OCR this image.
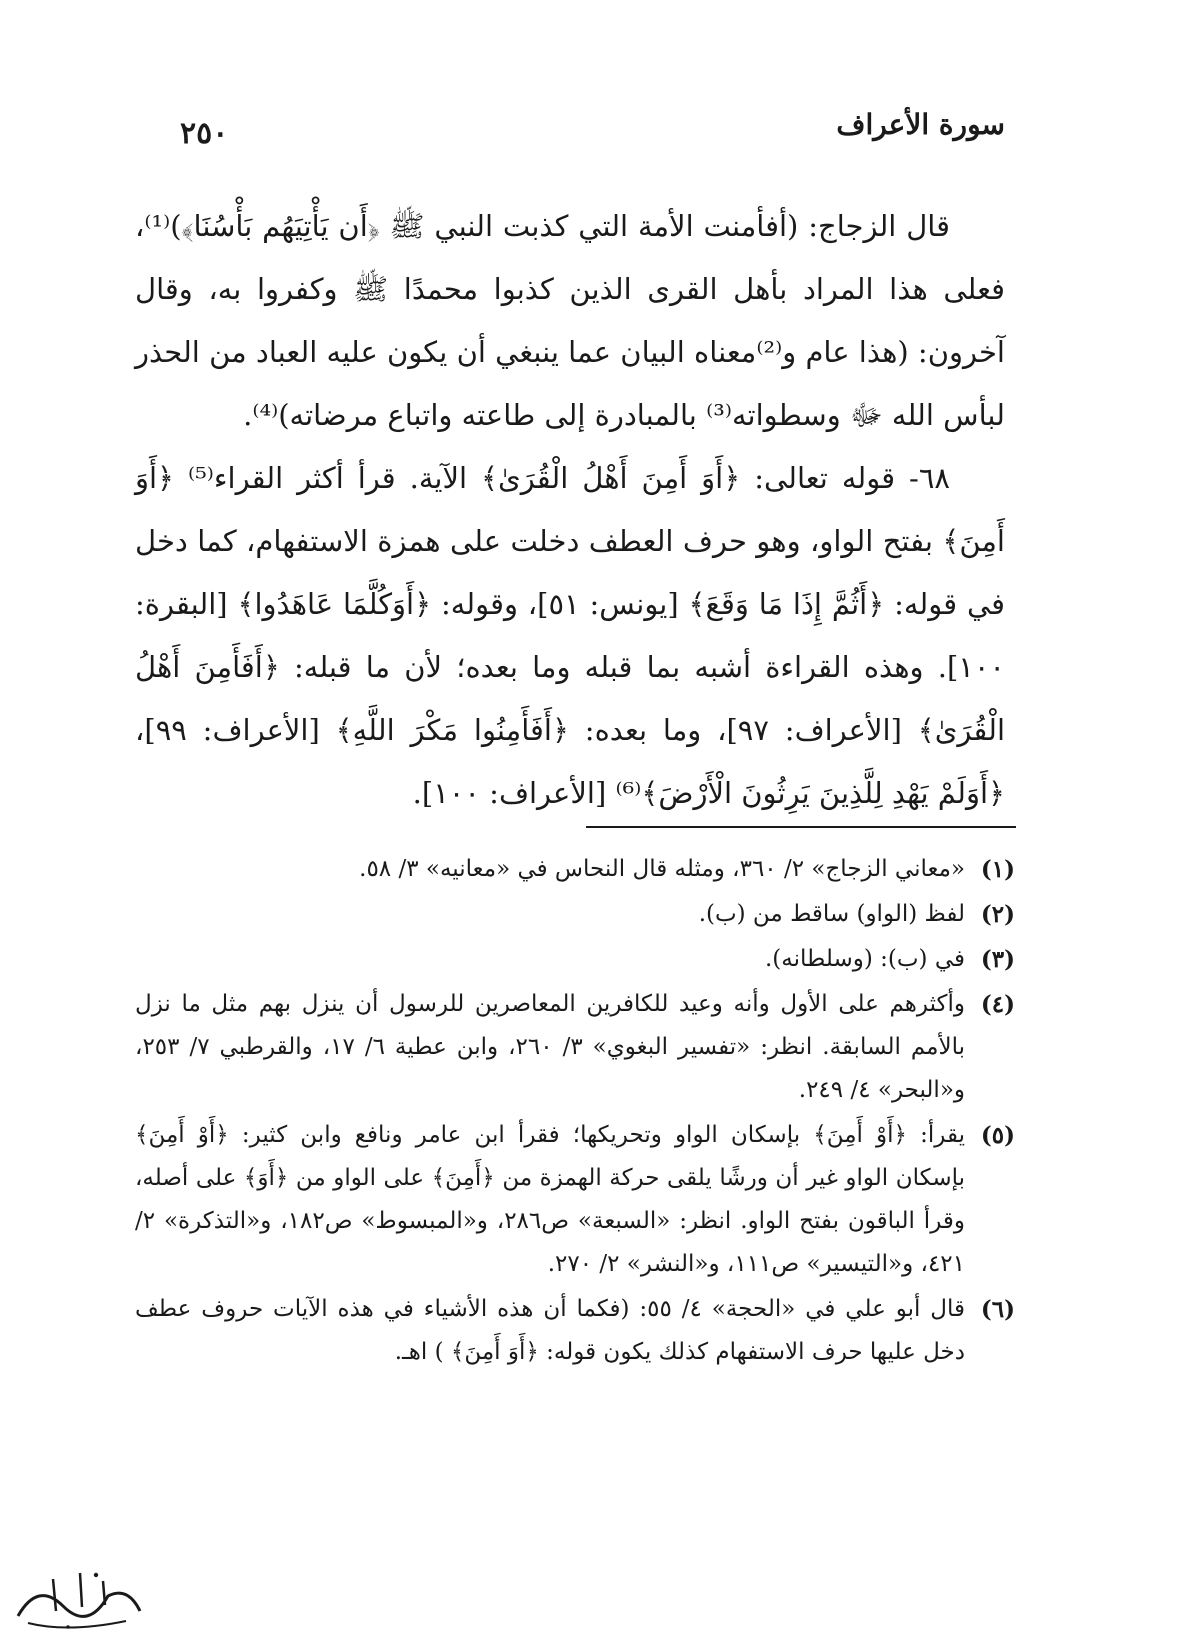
سورة الأعراف
٢٥٠

قال الزجاج: (أفأمنت الأمة التي كذبت النبي ﷺ ﴿أَن يَأْتِيَهُم بَأْسُنَا﴾)⁽¹⁾، فعلى هذا المراد بأهل القرى الذين كذبوا محمدًا ﷺ وكفروا به، وقال آخرون: (هذا عام و⁽²⁾معناه البيان عما ينبغي أن يكون عليه العباد من الحذر لبأس الله ﷻ وسطواته⁽³⁾ بالمبادرة إلى طاعته واتباع مرضاته)⁽⁴⁾.

٦٨- قوله تعالى: ﴿أَوَ أَمِنَ أَهْلُ الْقُرَىٰ﴾ الآية. قرأ أكثر القراء⁽⁵⁾ ﴿أَوَ أَمِنَ﴾ بفتح الواو، وهو حرف العطف دخلت على همزة الاستفهام، كما دخل في قوله: ﴿أَثُمَّ إِذَا مَا وَقَعَ﴾ [يونس: ٥١]، وقوله: ﴿أَوَكُلَّمَا عَاهَدُوا﴾ [البقرة: ١٠٠]. وهذه القراءة أشبه بما قبله وما بعده؛ لأن ما قبله: ﴿أَفَأَمِنَ أَهْلُ الْقُرَىٰ﴾ [الأعراف: ٩٧]، وما بعده: ﴿أَفَأَمِنُوا مَكْرَ اللَّهِ﴾ [الأعراف: ٩٩]، ﴿أَوَلَمْ يَهْدِ لِلَّذِينَ يَرِثُونَ الْأَرْضَ﴾⁽⁶⁾ [الأعراف: ١٠٠].

(١)
«معاني الزجاج» ٢/ ٣٦٠، ومثله قال النحاس في «معانيه» ٣/ ٥٨.
(٢)
لفظ (الواو) ساقط من (ب).
(٣)
في (ب): (وسلطانه).
(٤)
وأكثرهم على الأول وأنه وعيد للكافرين المعاصرين للرسول أن ينزل بهم مثل ما نزل بالأمم السابقة. انظر: «تفسير البغوي» ٣/ ٢٦٠، وابن عطية ٦/ ١٧، والقرطبي ٧/ ٢٥٣، و«البحر» ٤/ ٢٤٩.
(٥)
يقرأ: ﴿أَوْ أَمِنَ﴾ بإسكان الواو وتحريكها؛ فقرأ ابن عامر ونافع وابن كثير: ﴿أَوْ أَمِنَ﴾ بإسكان الواو غير أن ورشًا يلقى حركة الهمزة من ﴿أَمِنَ﴾ على الواو من ﴿أَوَ﴾ على أصله، وقرأ الباقون بفتح الواو. انظر: «السبعة» ص٢٨٦، و«المبسوط» ص١٨٢، و«التذكرة» ٢/ ٤٢١، و«التيسير» ص١١١، و«النشر» ٢/ ٢٧٠.
(٦)
قال أبو علي في «الحجة» ٤/ ٥٥: (فكما أن هذه الأشياء في هذه الآيات حروف عطف دخل عليها حرف الاستفهام كذلك يكون قوله: ﴿أَوَ أَمِنَ﴾ ) اهـ.
